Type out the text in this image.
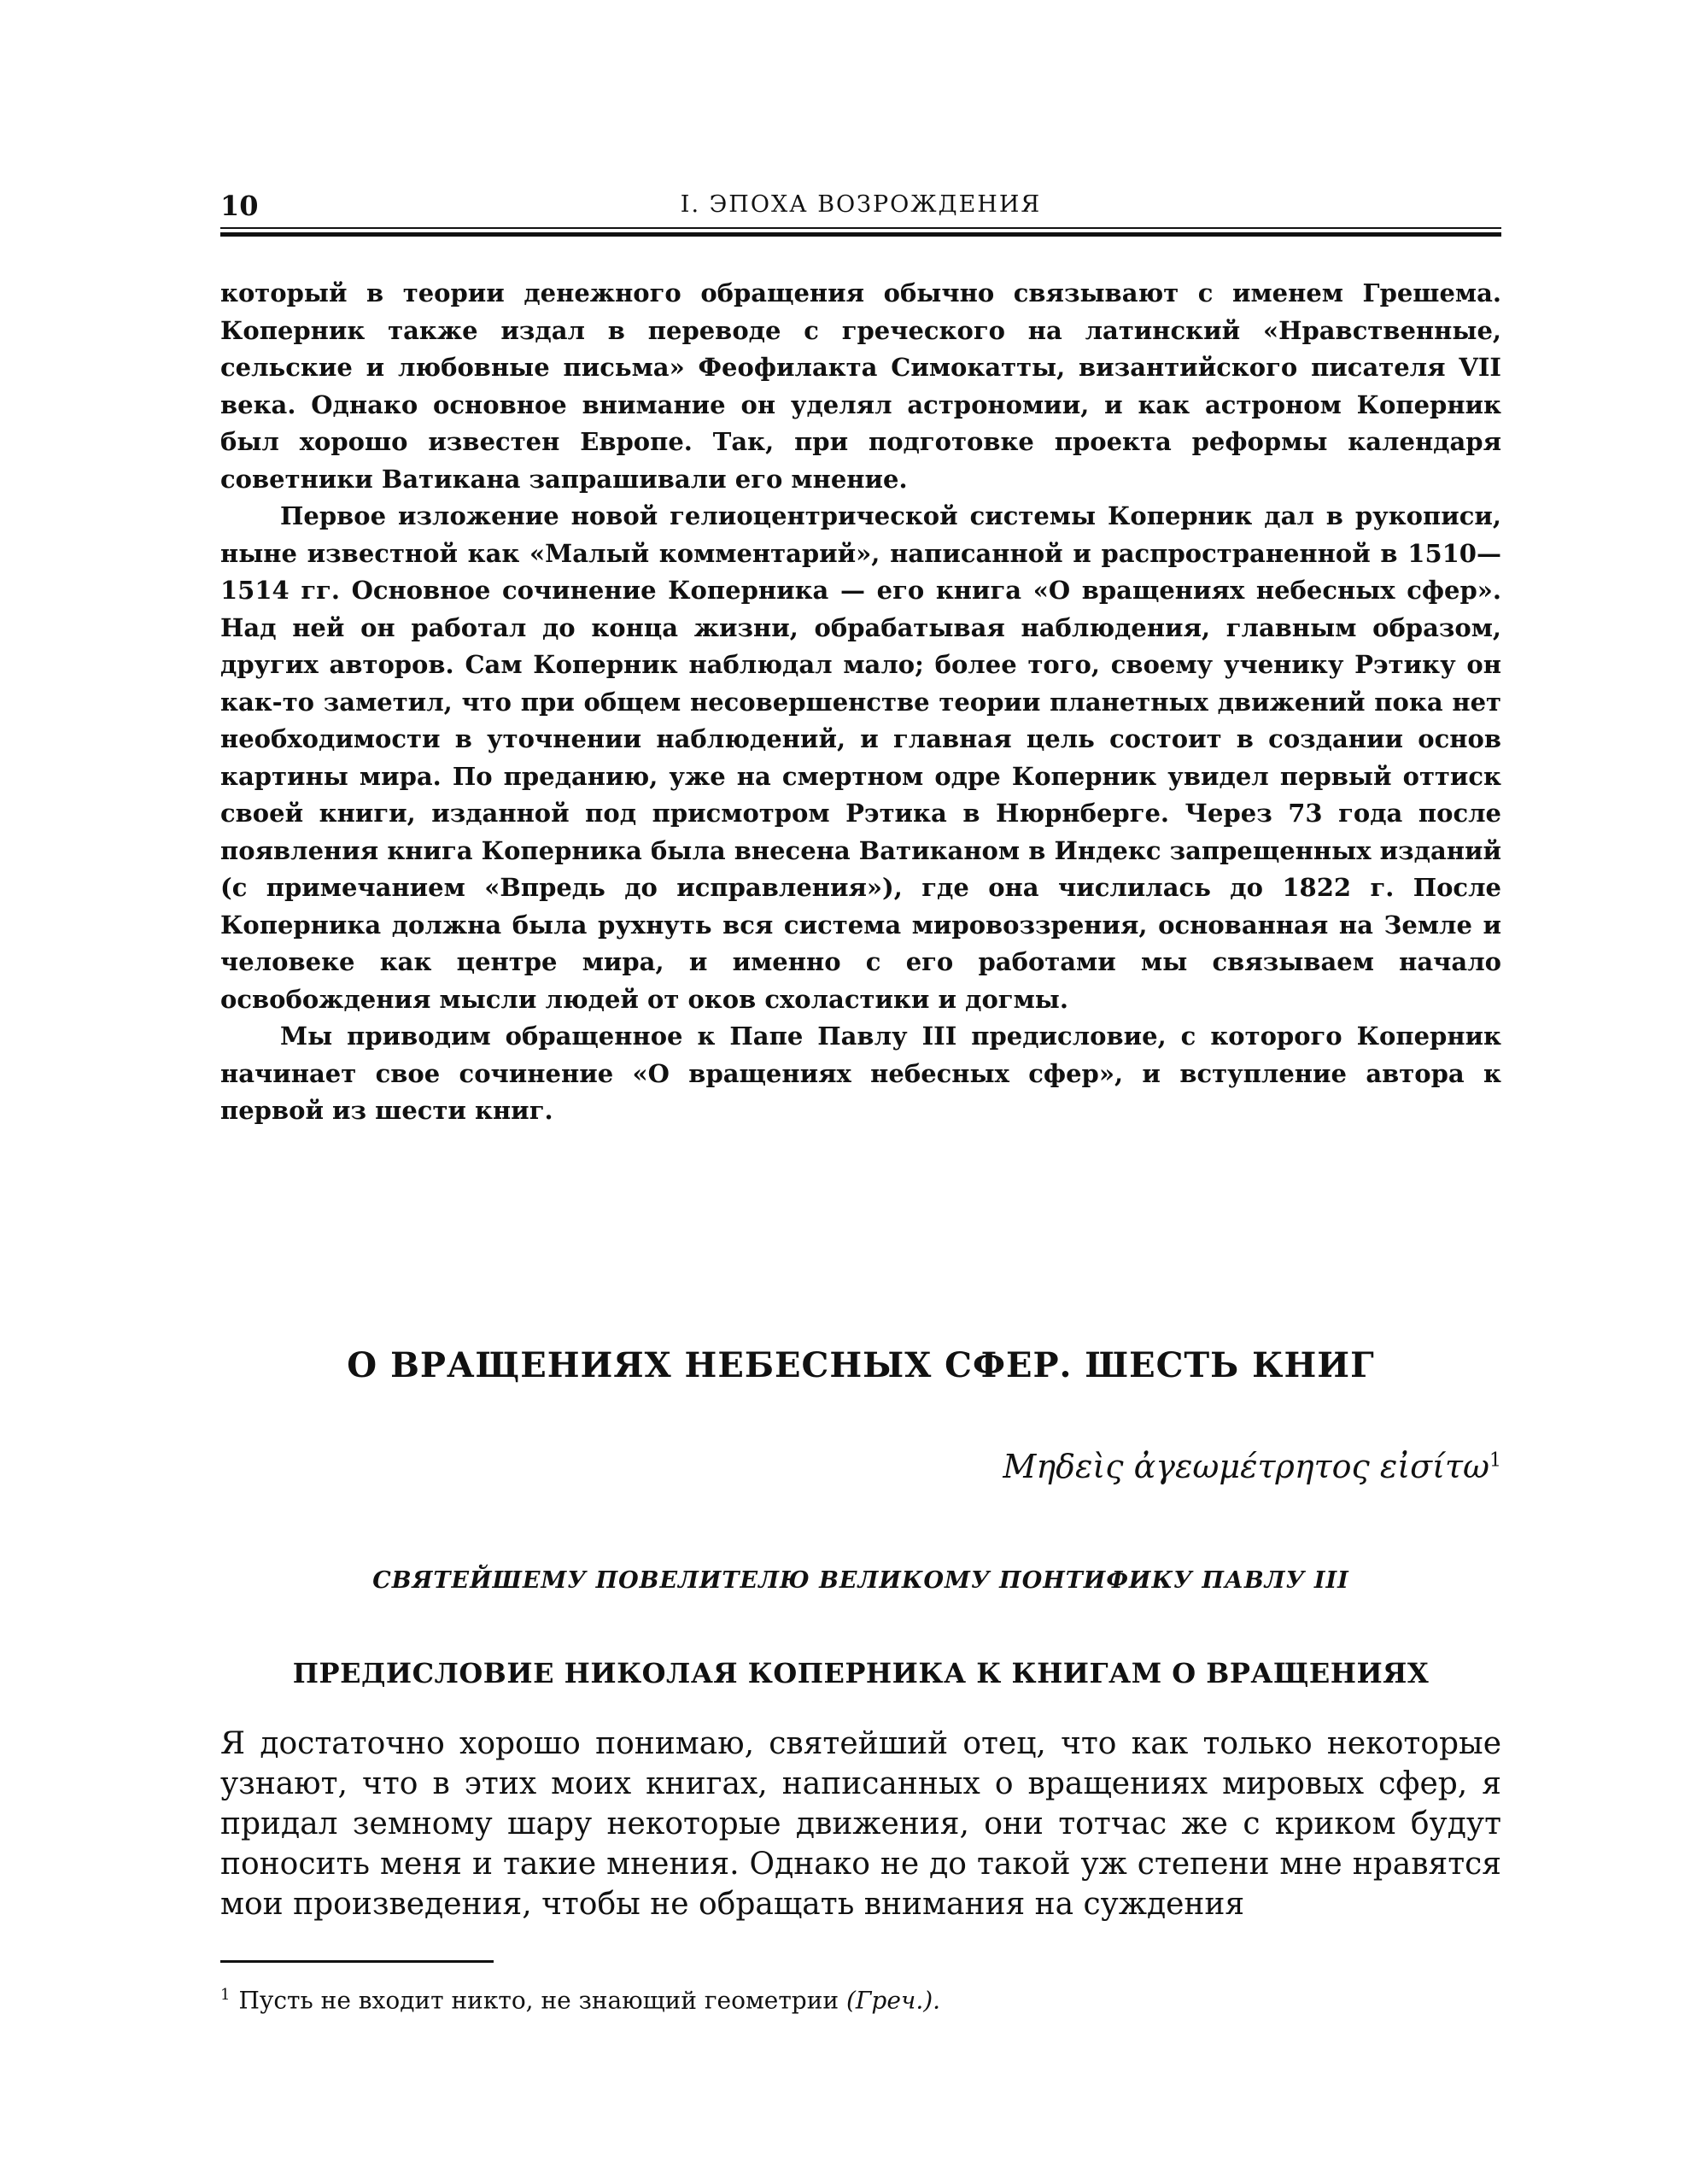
10	I. ЭПОХА ВОЗРОЖДЕНИЯ

который в теории денежного обращения обычно связывают с именем Грешема. Коперник также издал в переводе с греческого на латинский «Нравственные, сельские и любовные письма» Феофилакта Симокатты, византийского писателя VII века. Однако основное внимание он уделял астрономии, и как астроном Коперник был хорошо известен Европе. Так, при подготовке проекта реформы календаря советники Ватикана запрашивали его мнение.

Первое изложение новой гелиоцентрической системы Коперник дал в рукописи, ныне известной как «Малый комментарий», написанной и распространенной в 1510—1514 гг. Основное сочинение Коперника — его книга «О вращениях небесных сфер». Над ней он работал до конца жизни, обрабатывая наблюдения, главным образом, других авторов. Сам Коперник наблюдал мало; более того, своему ученику Рэтику он как-то заметил, что при общем несовершенстве теории планетных движений пока нет необходимости в уточнении наблюдений, и главная цель состоит в создании основ картины мира. По преданию, уже на смертном одре Коперник увидел первый оттиск своей книги, изданной под присмотром Рэтика в Нюрнберге. Через 73 года после появления книга Коперника была внесена Ватиканом в Индекс запрещенных изданий (с примечанием «Впредь до исправления»), где она числилась до 1822 г. После Коперника должна была рухнуть вся система мировоззрения, основанная на Земле и человеке как центре мира, и именно с его работами мы связываем начало освобождения мысли людей от оков схоластики и догмы.

Мы приводим обращенное к Папе Павлу III предисловие, с которого Коперник начинает свое сочинение «О вращениях небесных сфер», и вступление автора к первой из шести книг.

О ВРАЩЕНИЯХ НЕБЕСНЫХ СФЕР. ШЕСТЬ КНИГ
Μηδεὶς ἀγεωμέτρητος εἰσίτω$^1$
СВЯТЕЙШЕМУ ПОВЕЛИТЕЛЮ ВЕЛИКОМУ ПОНТИФИКУ ПАВЛУ III
ПРЕДИСЛОВИЕ НИКОЛАЯ КОПЕРНИКА К КНИГАМ О ВРАЩЕНИЯХ

Я достаточно хорошо понимаю, святейший отец, что как только некоторые узнают, что в этих моих книгах, написанных о вращениях мировых сфер, я придал земному шару некоторые движения, они тотчас же с криком будут поносить меня и такие мнения. Однако не до такой уж степени мне нравятся мои произведения, чтобы не обращать внимания на суждения

$^1$ Пусть не входит никто, не знающий геометрии (Греч.).
